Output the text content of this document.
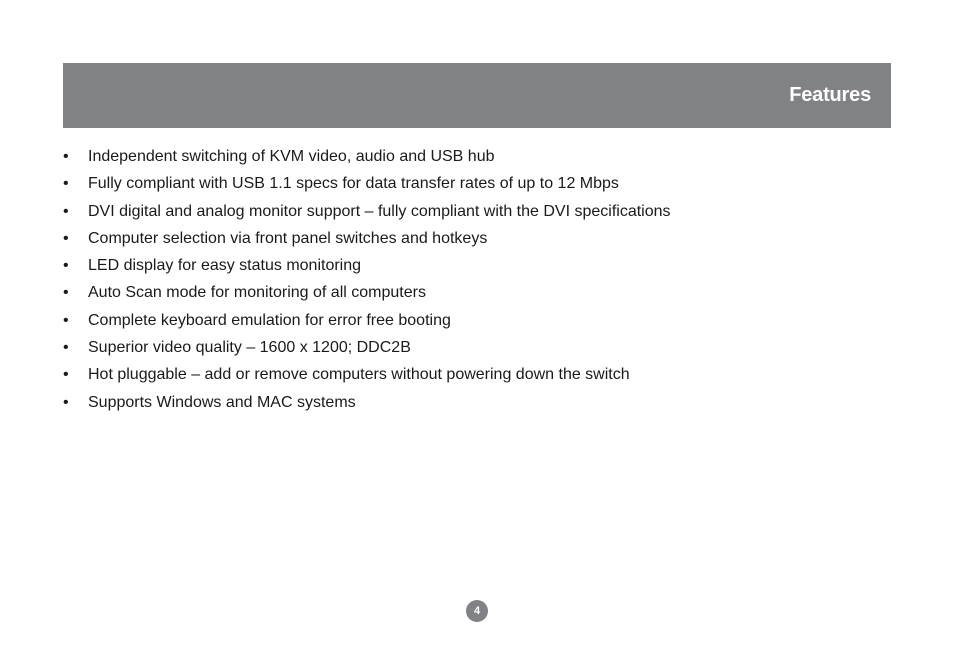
Features
• Independent switching of KVM video, audio and USB hub
• Fully compliant with USB 1.1 specs for data transfer rates of up to 12 Mbps
• DVI digital and analog monitor support – fully compliant with the DVI specifications
• Computer selection via front panel switches and hotkeys
• LED display for easy status monitoring
• Auto Scan mode for monitoring of all computers
• Complete keyboard emulation for error free booting
• Superior video quality – 1600 x 1200; DDC2B
• Hot pluggable – add or remove computers without powering down the switch
• Supports Windows and MAC systems
4
